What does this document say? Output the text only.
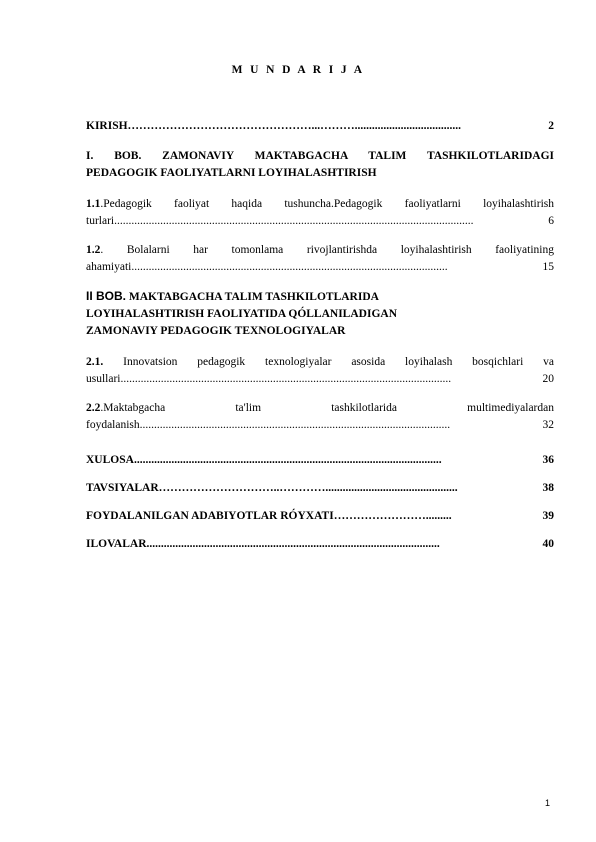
M U N D A R I J A
KIRISH …………………………………………...……….....................................	2
I. BOB. ZAMONAVIY MAKTABGACHA TALIM TASHKILOTLARIDAGI
PEDAGOGIK FAOLIYATLARNI LOYIHALASHTIRISH
1.1.Pedagogik faoliyat haqida tushuncha.Pedagogik faoliyatlarni loyihalashtirish
turlari .............................................................................................................................	6
1.2. Bolalarni har tomonlama rivojlantirishda loyihalashtirish faoliyatining
ahamiyati ..............................................................................................................	15
II BOB. MAKTABGACHA TALIM TASHKILOTLARIDA
LOYIHALASHTIRISH FAOLIYATIDA QÓLLANILADIGAN
ZAMONAVIY PEDAGOGIK TEXNOLOGIYALAR
2.1. Innovatsion pedagogik texnologiyalar asosida loyihalash bosqichlari va
usullari ...................................................................................................................	20
2.2.Maktabgacha ta'lim tashkilotlarida multimediyalardan
foydalanish ............................................................................................................	32
XULOSA ...........................................................................................................	36
TAVSIYALAR …………………………..…………..............................................	38
FOYDALANILGAN ADABIYOTLAR RÓYXATI …………………….........	39
ILOVALAR ......................................................................................................	40
1
